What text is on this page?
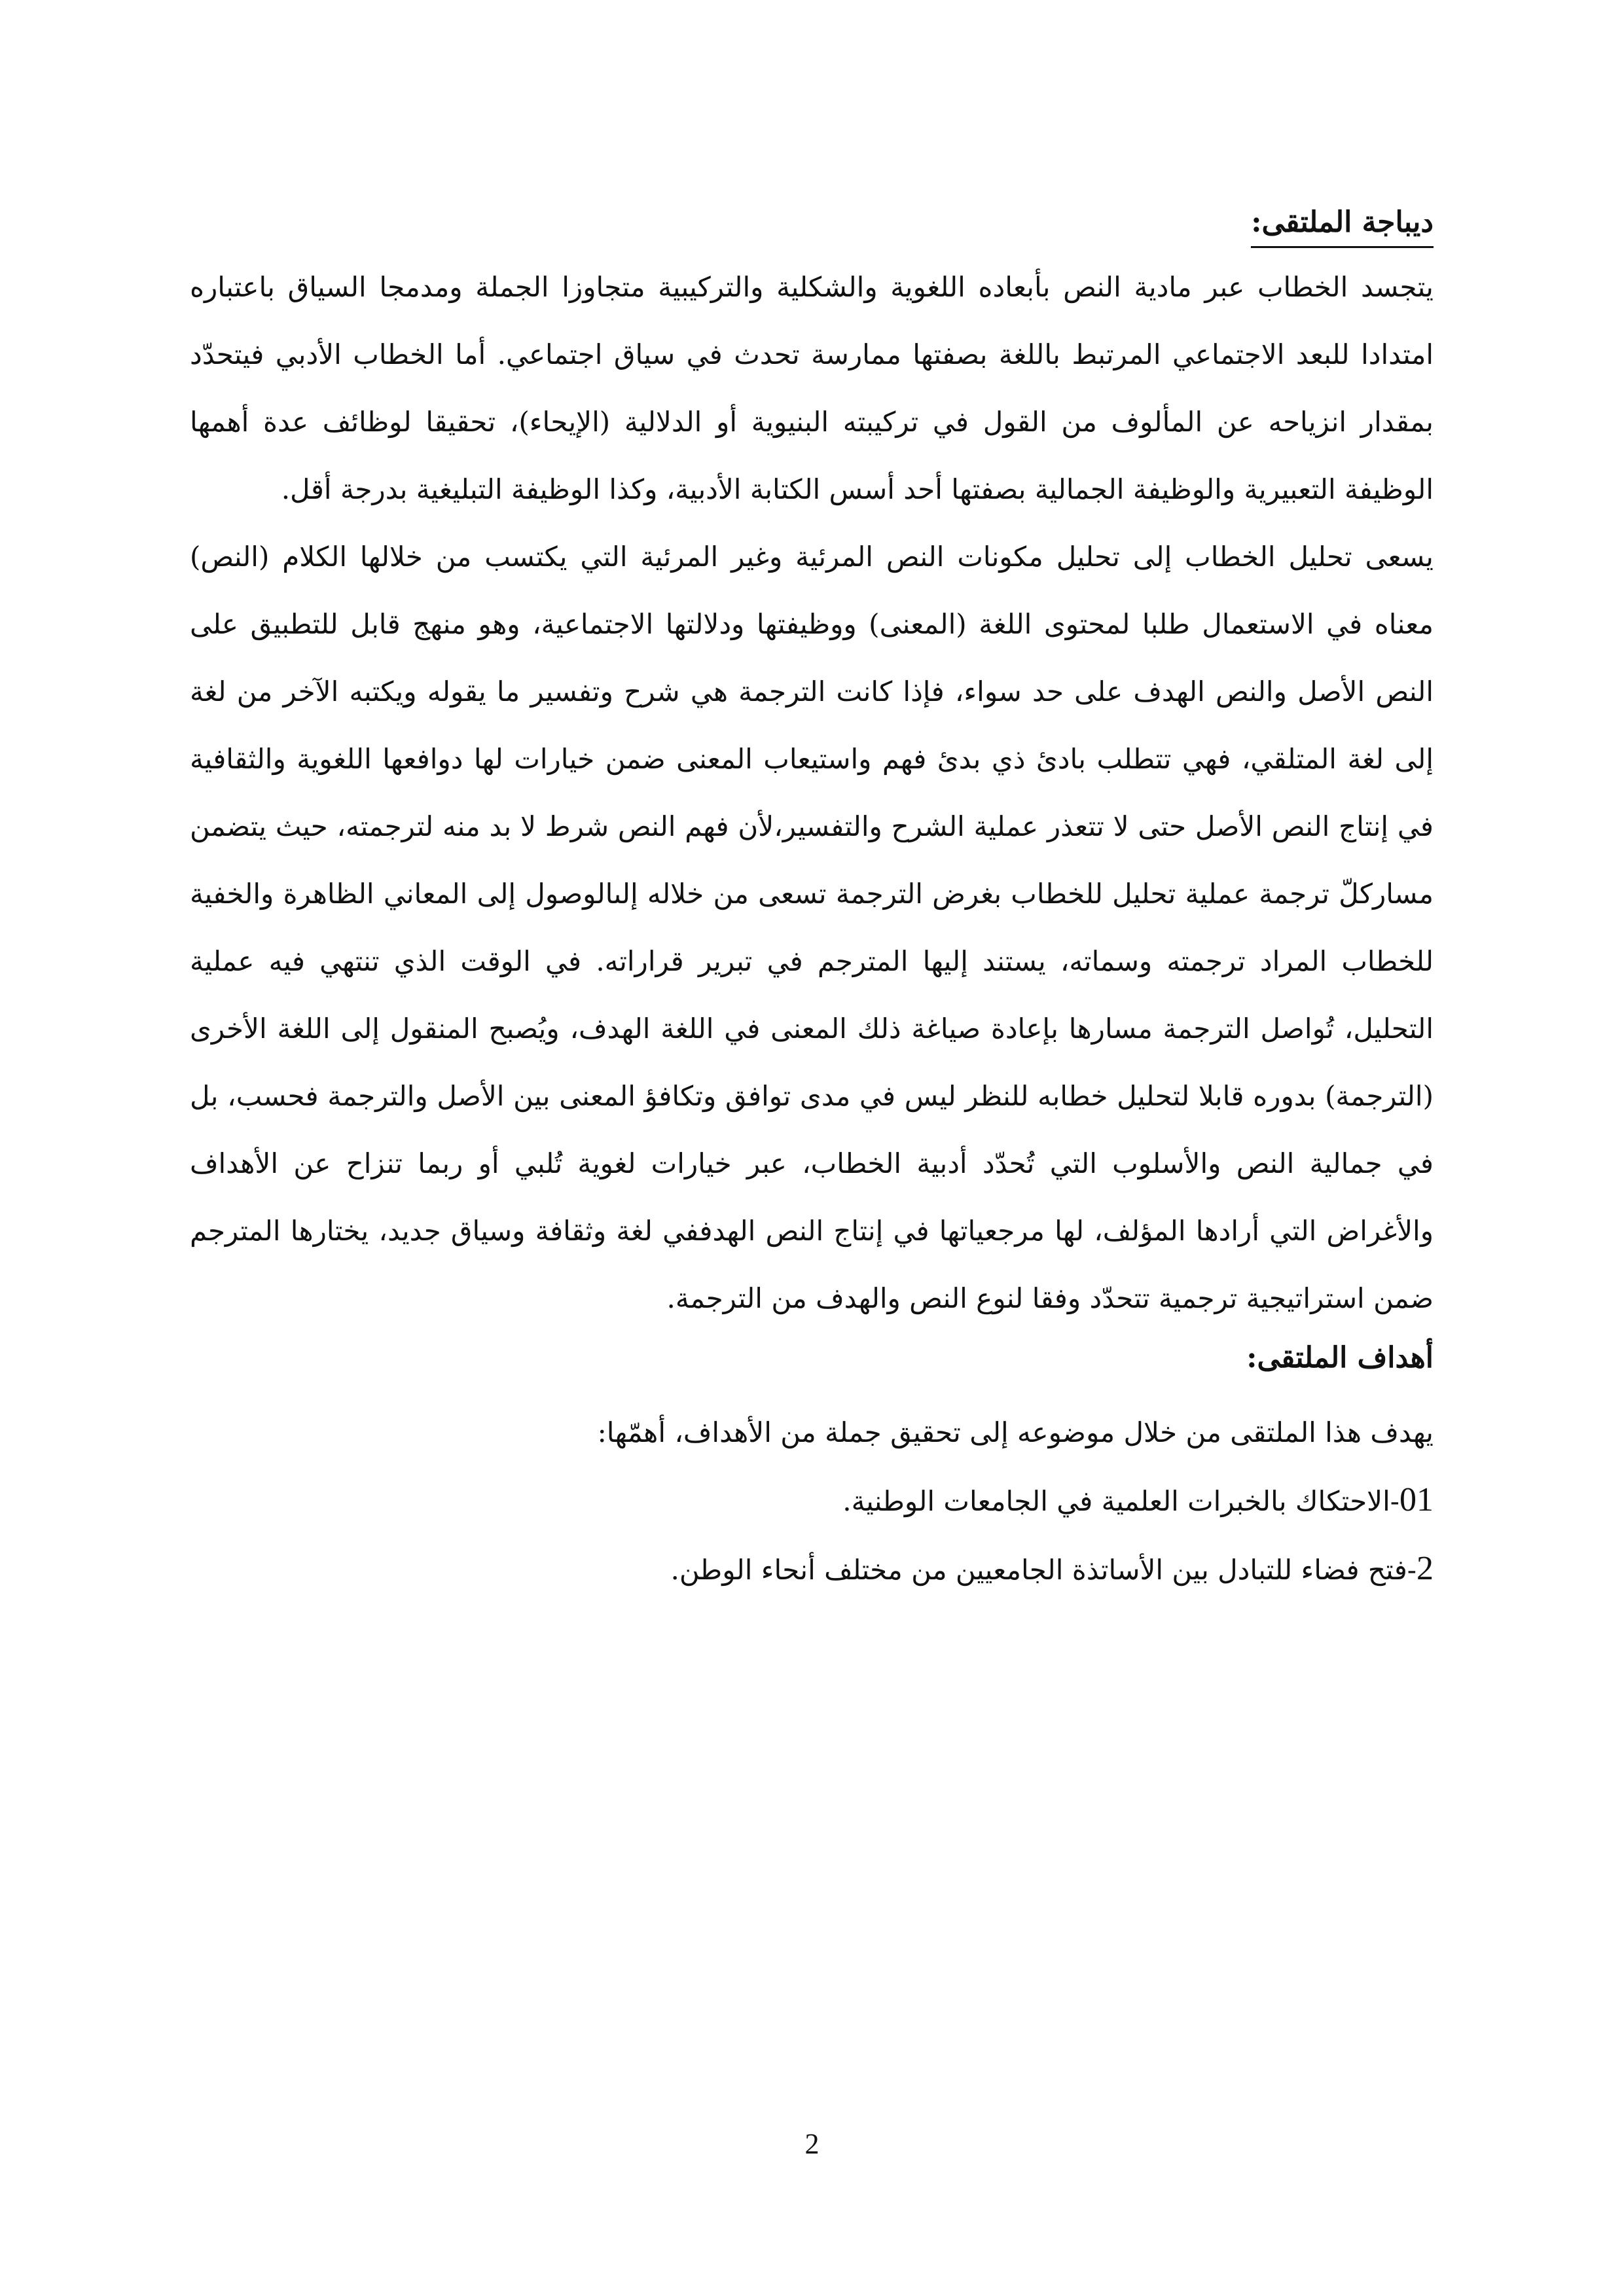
ديباجة الملتقى:

يتجسد الخطاب عبر مادية النص بأبعاده اللغوية والشكلية والتركيبية متجاوزا الجملة ومدمجا السياق باعتباره امتدادا للبعد الاجتماعي المرتبط باللغة بصفتها ممارسة تحدث في سياق اجتماعي. أما الخطاب الأدبي فيتحدّد بمقدار انزياحه عن المألوف من القول في تركيبته البنيوية أو الدلالية (الإيحاء)، تحقيقا لوظائف عدة أهمها الوظيفة التعبيرية والوظيفة الجمالية بصفتها أحد أسس الكتابة الأدبية، وكذا الوظيفة التبليغية بدرجة أقل.

يسعى تحليل الخطاب إلى تحليل مكونات النص المرئية وغير المرئية التي يكتسب من خلالها الكلام (النص) معناه في الاستعمال طلبا لمحتوى اللغة (المعنى) ووظيفتها ودلالتها الاجتماعية، وهو منهج قابل للتطبيق على النص الأصل والنص الهدف على حد سواء، فإذا كانت الترجمة هي شرح وتفسير ما يقوله ويكتبه الآخر من لغة إلى لغة المتلقي، فهي تتطلب بادئ ذي بدئ فهم واستيعاب المعنى ضمن خيارات لها دوافعها اللغوية والثقافية في إنتاج النص الأصل حتى لا تتعذر عملية الشرح والتفسير،لأن فهم النص شرط لا بد منه لترجمته، حيث يتضمن مساركلّ ترجمة عملية تحليل للخطاب بغرض الترجمة تسعى من خلاله إلىالوصول إلى المعاني الظاهرة والخفية للخطاب المراد ترجمته وسماته، يستند إليها المترجم في تبرير قراراته. في الوقت الذي تنتهي فيه عملية التحليل، تُواصل الترجمة مسارها بإعادة صياغة ذلك المعنى في اللغة الهدف، ويُصبح المنقول إلى اللغة الأخرى (الترجمة) بدوره قابلا لتحليل خطابه للنظر ليس في مدى توافق وتكافؤ المعنى بين الأصل والترجمة فحسب، بل في جمالية النص والأسلوب التي تُحدّد أدبية الخطاب، عبر خيارات لغوية تُلبي أو ربما تنزاح عن الأهداف والأغراض التي أرادها المؤلف، لها مرجعياتها في إنتاج النص الهدففي لغة وثقافة وسياق جديد، يختارها المترجم ضمن استراتيجية ترجمية تتحدّد وفقا لنوع النص والهدف من الترجمة.

أهداف الملتقى:

يهدف هذا الملتقى من خلال موضوعه إلى تحقيق جملة من الأهداف، أهمّها:

01-الاحتكاك بالخبرات العلمية في الجامعات الوطنية.

2-فتح فضاء للتبادل بين الأساتذة الجامعيين من مختلف أنحاء الوطن.

2
